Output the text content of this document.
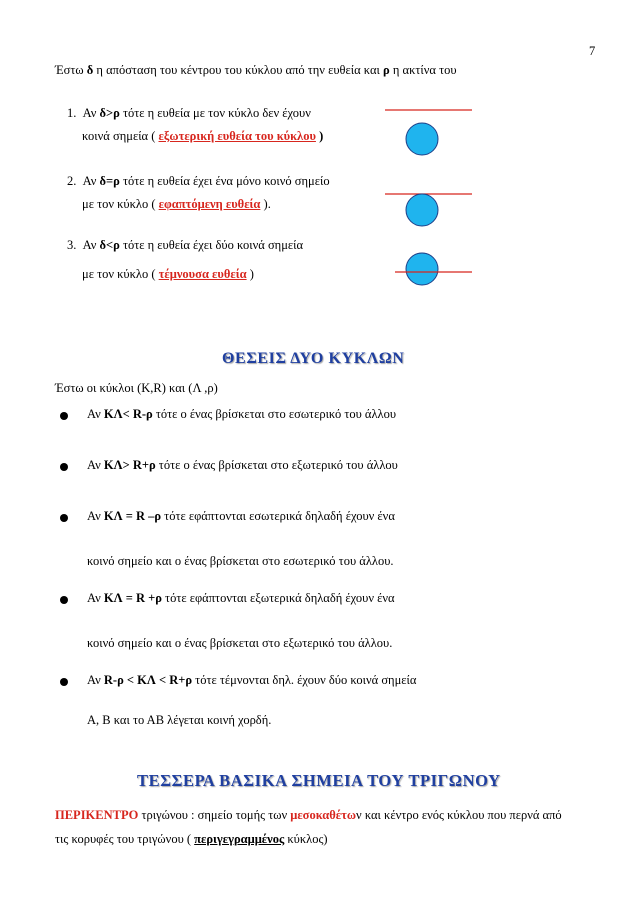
7
Έστω δ η απόσταση του κέντρου του κύκλου από την ευθεία και ρ η ακτίνα του
1. Αν δ>ρ τότε η ευθεία με τον κύκλο δεν έχουν
κοινά σημεία ( εξωτερική ευθεία του κύκλου )
2. Αν δ=ρ τότε η ευθεία έχει ένα μόνο κοινό σημείο
με τον κύκλο ( εφαπτόμενη ευθεία ).
3. Αν δ<ρ τότε η ευθεία έχει δύο κοινά σημεία
με τον κύκλο ( τέμνουσα ευθεία )
ΘΕΣΕΙΣ ΔΥΟ ΚΥΚΛΩΝ
Έστω οι κύκλοι (Κ,R) και (Λ ,ρ)
Αν ΚΛ< R-ρ τότε ο ένας βρίσκεται στο εσωτερικό του άλλου
Αν ΚΛ> R+ρ τότε ο ένας βρίσκεται στο εξωτερικό του άλλου
Αν ΚΛ = R –ρ τότε εφάπτονται εσωτερικά δηλαδή έχουν ένα
κοινό σημείο και ο ένας βρίσκεται στο εσωτερικό του άλλου.
Αν ΚΛ = R +ρ τότε εφάπτονται εξωτερικά δηλαδή έχουν ένα
κοινό σημείο και ο ένας βρίσκεται στο εξωτερικό του άλλου.
Αν R-ρ < ΚΛ < R+ρ τότε τέμνονται δηλ. έχουν δύο κοινά σημεία
Α, Β και το ΑΒ λέγεται κοινή χορδή.
ΤΕΣΣΕΡΑ ΒΑΣΙΚΑ ΣΗΜΕΙΑ ΤΟΥ ΤΡΙΓΩΝΟΥ
ΠΕΡΙΚΕΝΤΡΟ τριγώνου : σημείο τομής των μεσοκαθέτων και κέντρο ενός κύκλου που περνά από
τις κορυφές του τριγώνου ( περιγεγραμμένος κύκλος)
